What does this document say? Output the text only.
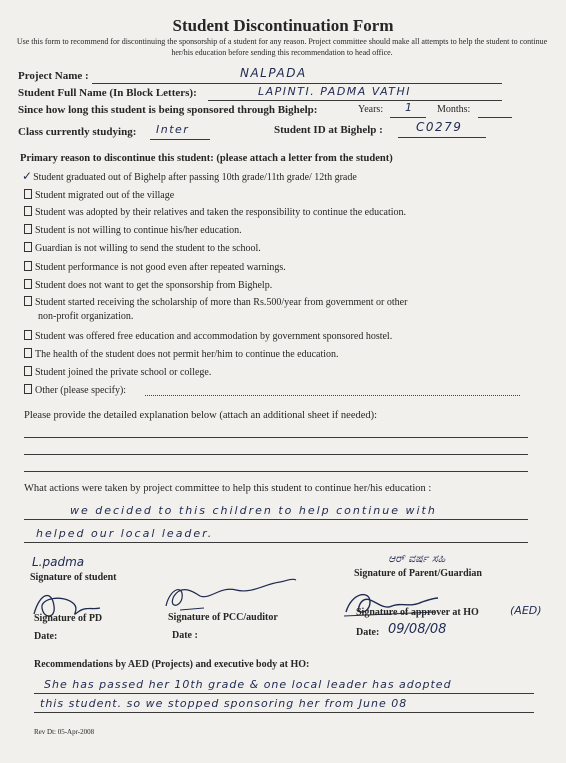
Student Discontinuation Form
Use this form to recommend for discontinuing the sponsorship of a student for any reason. Project committee should make all attempts to help the student to continue her/his education before sending this recommendation to head office.
Project Name :	NALPADA
Student Full Name (In Block Letters):	LAPINTI. PADMA VATHI
Since how long this student is being sponsored through Bighelp:	Years: 1 Months:
Class currently studying: Inter	Student ID at Bighelp :	C0279
Primary reason to discontinue this student: (please attach a letter from the student)
✓Student graduated out of Bighelp after passing 10th grade/11th grade/ 12th grade
Student migrated out of the village
Student was adopted by their relatives and taken the responsibility to continue the education.
Student is not willing to continue his/her education.
Guardian is not willing to send the student to the school.
Student performance is not good even after repeated warnings.
Student does not want to get the sponsorship from Bighelp.
Student started receiving the scholarship of more than Rs.500/year from government or other
non-profit organization.
Student was offered free education and accommodation by government sponsored hostel.
The health of the student does not permit her/him to continue the education.
Student joined the private school or college.
Other (please specify):
Please provide the detailed explanation below (attach an additional sheet if needed):
What actions were taken by project committee to help this student to continue her/his education :
we decided to this children to help continue with
helped our local leader.
L.padma
Signature of student
ಆರ್ ವರ್ಷ ಸಹಿ
Signature of Parent/Guardian
Signature of PD
Date:
Signature of PCC/auditor
Date :
Signature of approver at HO	(AED)
Date: 09/08/08
Recommendations by AED (Projects) and executive body at HO:
She has passed her 10th grade & one local leader has adopted
this student. so we stopped sponsoring her from June 08
Rev Dt: 05-Apr-2008
